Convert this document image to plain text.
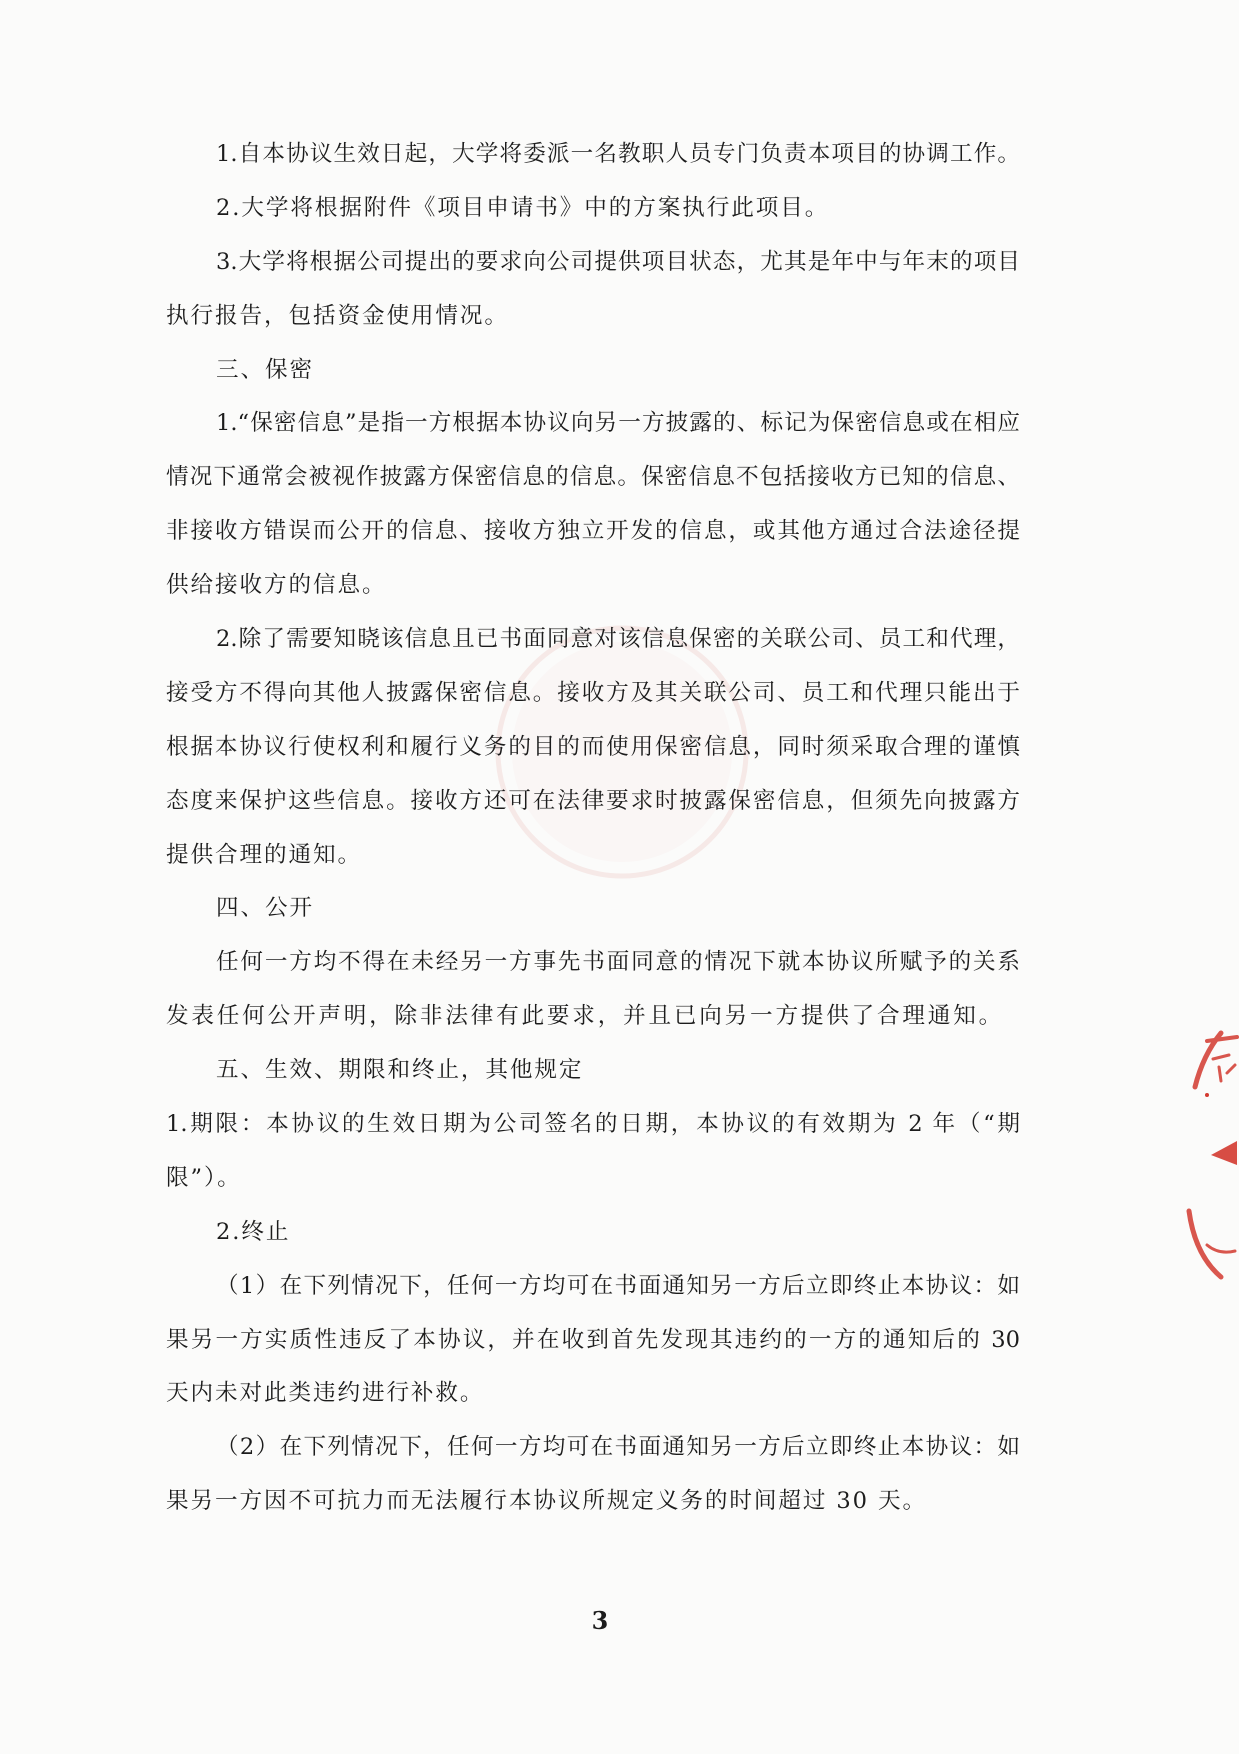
1.自本协议生效日起，大学将委派一名教职人员专门负责本项目的协调工作。
2.大学将根据附件《项目申请书》中的方案执行此项目。
3.大学将根据公司提出的要求向公司提供项目状态，尤其是年中与年末的项目
执行报告，包括资金使用情况。
三、保密
1.“保密信息”是指一方根据本协议向另一方披露的、标记为保密信息或在相应
情况下通常会被视作披露方保密信息的信息。保密信息不包括接收方已知的信息、
非接收方错误而公开的信息、接收方独立开发的信息，或其他方通过合法途径提
供给接收方的信息。
2.除了需要知晓该信息且已书面同意对该信息保密的关联公司、员工和代理，
接受方不得向其他人披露保密信息。接收方及其关联公司、员工和代理只能出于
根据本协议行使权利和履行义务的目的而使用保密信息，同时须采取合理的谨慎
态度来保护这些信息。接收方还可在法律要求时披露保密信息，但须先向披露方
提供合理的通知。
四、公开
任何一方均不得在未经另一方事先书面同意的情况下就本协议所赋予的关系
发表任何公开声明，除非法律有此要求，并且已向另一方提供了合理通知。
五、生效、期限和终止，其他规定
1.期限：本协议的生效日期为公司签名的日期，本协议的有效期为 2 年（“期
限”）。
2.终止
（1）在下列情况下，任何一方均可在书面通知另一方后立即终止本协议：如
果另一方实质性违反了本协议，并在收到首先发现其违约的一方的通知后的 30
天内未对此类违约进行补救。
（2）在下列情况下，任何一方均可在书面通知另一方后立即终止本协议：如
果另一方因不可抗力而无法履行本协议所规定义务的时间超过 30 天。
3
